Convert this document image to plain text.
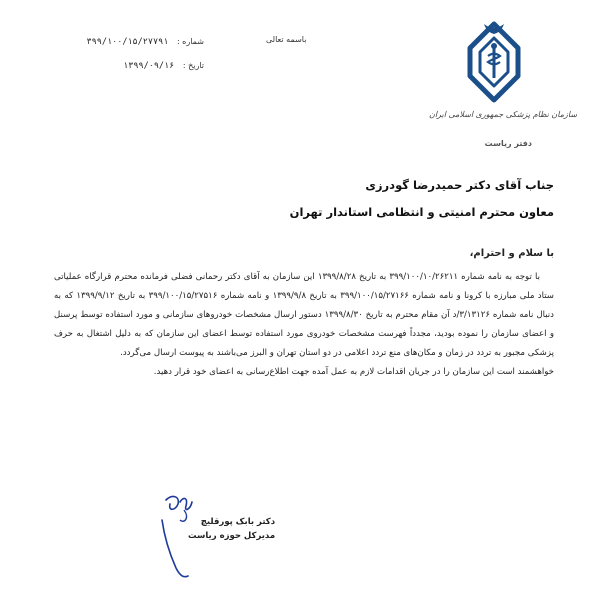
سازمان نظام پزشکی جمهوری اسلامی ایران
دفتر ریاست
باسمه تعالی
شماره : ۳۹۹/۱۰۰/۱۵/۲۷۷۹۱
تاریخ : ۱۳۹۹/۰۹/۱۶
جناب آقای دکتر حمیدرضا گودرزی
معاون محترم امنیتی و انتظامی استاندار تهران
با سلام و احترام،

با توجه به نامه شماره ۳۹۹/۱۰۰/۱۰/۲۶۲۱۱ به تاریخ ۱۳۹۹/۸/۲۸ این سازمان به آقای دکتر رحمانی فضلی فرمانده محترم قرارگاه عملیاتی ستاد ملی مبارزه با کرونا و نامه شماره ۳۹۹/۱۰۰/۱۵/۲۷۱۶۶ به تاریخ ۱۳۹۹/۹/۸ و نامه شماره ۳۹۹/۱۰۰/۱۵/۲۷۵۱۶ به تاریخ ۱۳۹۹/۹/۱۲ که به دنبال نامه شماره ۳/۱۳۱۲۶/د آن مقام محترم به تاریخ ۱۳۹۹/۸/۳۰ دستور ارسال مشخصات خودروهای سازمانی و مورد استفاده توسط پرسنل و اعضای سازمان را نموده بودید، مجدداً فهرست مشخصات خودروی مورد استفاده توسط اعضای این سازمان که به دلیل اشتغال به حرف پزشکی مجبور به تردد در زمان و مکان‌های منع تردد اعلامی در دو استان تهران و البرز می‌باشند به پیوست ارسال می‌گردد.

خواهشمند است این سازمان را در جریان اقدامات لازم به عمل آمده جهت اطلاع‌رسانی به اعضای خود قرار دهید.

دکتر بابک پورقلیچ
مدیرکل حوزه ریاست
